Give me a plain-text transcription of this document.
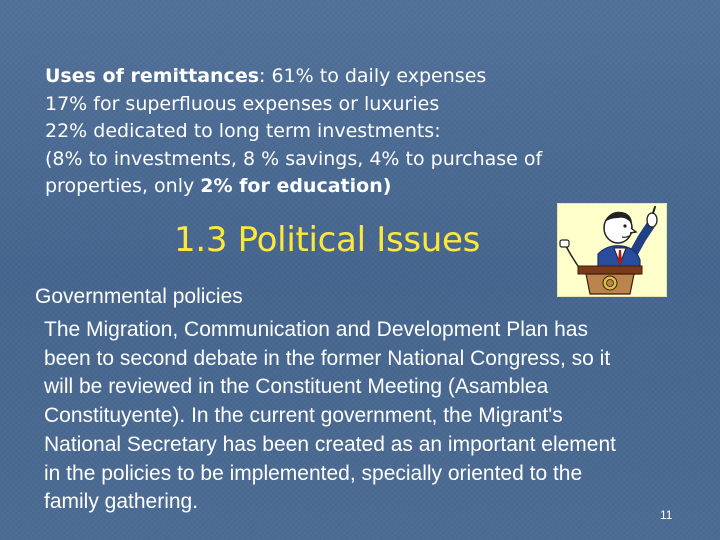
Uses of remittances: 61% to daily expenses
17% for superfluous expenses or luxuries
22% dedicated to long term investments:
(8% to investments, 8 % savings, 4% to purchase of
properties, only 2% for education)
1.3 Political Issues
Governmental policies
The Migration, Communication and Development Plan has
been to second debate in the former National Congress, so it
will be reviewed in the Constituent Meeting (Asamblea
Constituyente). In the current government, the Migrant's
National Secretary has been created as an important element
in the policies to be implemented, specially oriented to the
family gathering.
11
